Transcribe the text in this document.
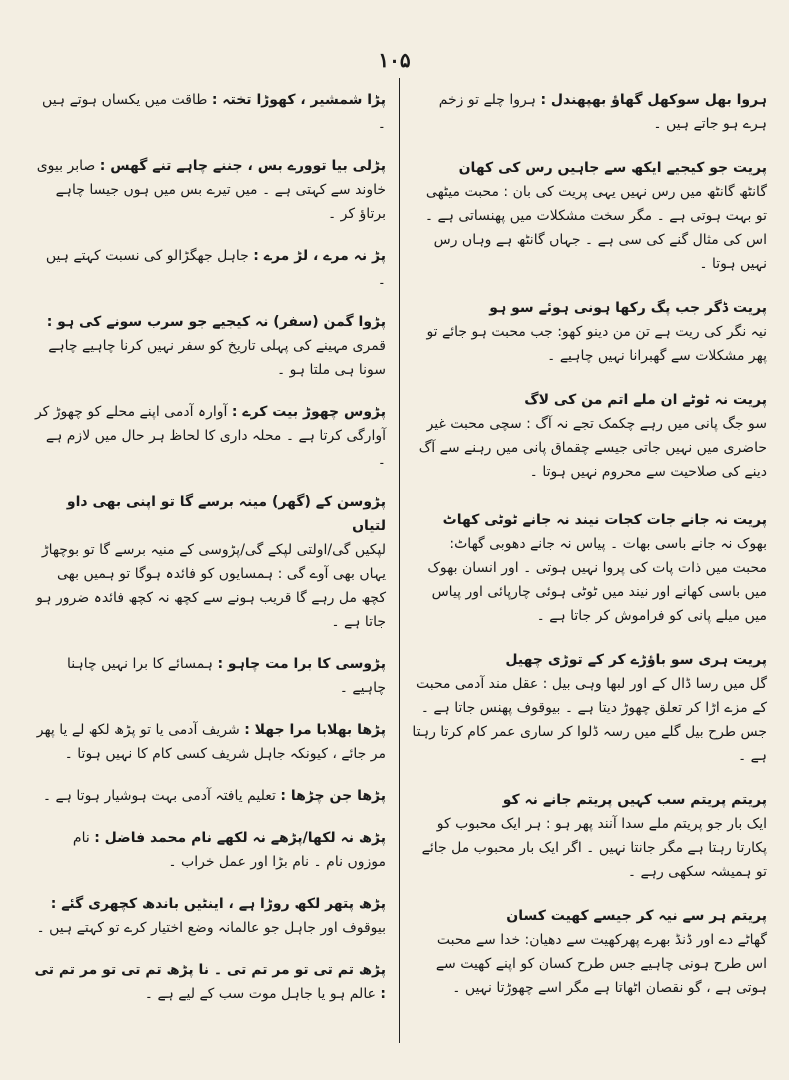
۱۰۵

ہروا بھل سوکھل گھاؤ بھپھندل : ہروا چلے تو زخم ہرے ہو جاتے ہیں ۔

پریت جو کیجیے ایکھ سے جاہیں رس کی کھان
گانٹھ گانٹھ میں رس نہیں یہی پریت کی بان : محبت میٹھی تو بہت ہوتی ہے ۔ مگر سخت مشکلات میں پھنساتی ہے ۔ اس کی مثال گنے کی سی ہے ۔ جہاں گانٹھ ہے وہاں رس نہیں ہوتا ۔

پریت ڈگر جب پگ رکھا ہونی ہوئے سو ہو
نیہ نگر کی ریت ہے تن من دینو کھو: جب محبت ہو جائے تو پھر مشکلات سے گھبرانا نہیں چاہیے ۔

پریت نہ ٹوٹے ان ملے اتم من کی لاگ
سو جگ پانی میں رہے چکمک تجے نہ آگ : سچی محبت غیر حاضری میں نہیں جاتی جیسے چقماق پانی میں رہنے سے آگ دینے کی صلاحیت سے محروم نہیں ہوتا ۔

پریت نہ جانے جات کجات نیند نہ جانے ٹوٹی کھاٹ
بھوک نہ جانے باسی بھات ۔ پیاس نہ جانے دھوبی گھاٹ: محبت میں ذات پات کی پروا نہیں ہوتی ۔ اور انسان بھوک میں باسی کھانے اور نیند میں ٹوٹی ہوئی چارپائی اور پیاس میں میلے پانی کو فراموش کر جاتا ہے ۔

پریت ہری سو باؤڑے کر کے توڑی چھیل
گل میں رسا ڈال کے اور لبھا وہی بیل : عقل مند آدمی محبت کے مزے اڑا کر تعلق چھوڑ دیتا ہے ۔ بیوقوف پھنس جاتا ہے ۔ جس طرح بیل گلے میں رسہ ڈلوا کر ساری عمر کام کرتا رہتا ہے ۔

پریتم پریتم سب کہیں پریتم جانے نہ کو
ایک بار جو پریتم ملے سدا آنند پھر ہو : ہر ایک محبوب کو پکارتا رہتا ہے مگر جانتا نہیں ۔ اگر ایک بار محبوب مل جائے تو ہمیشہ سکھی رہے ۔

پریتم ہر سے نیہ کر جیسے کھیت کسان
گھاٹے دے اور ڈنڈ بھرے پھرکھیت سے دھیان: خدا سے محبت اس طرح ہونی چاہیے جس طرح کسان کو اپنے کھیت سے ہوتی ہے ، گو نقصان اٹھاتا ہے مگر اسے چھوڑتا نہیں ۔

پڑا شمشیر ، کھوڑا تختہ : طاقت میں یکساں ہوتے ہیں ۔

پڑلی بیا توورے بس ، جننے چاہے تنے گھس : صابر بیوی خاوند سے کہتی ہے ۔ میں تیرے بس میں ہوں جیسا چاہے برتاؤ کر ۔

پڑ نہ مرے ، لڑ مرے : جاہل جھگڑالو کی نسبت کہتے ہیں ۔

پڑوا گمن (سفر) نہ کیجیے جو سرب سونے کی ہو :
قمری مہینے کی پہلی تاریخ کو سفر نہیں کرنا چاہیے چاہے سونا ہی ملتا ہو ۔

پڑوس چھوڑ بیت کرے : آوارہ آدمی اپنے محلے کو چھوڑ کر آوارگی کرتا ہے ۔ محلہ داری کا لحاظ ہر حال میں لازم ہے ۔

پڑوسن کے (گھر) مینہ برسے گا تو اپنی بھی داو لتیاں
لپکیں گی/اولتی لپکے گی/پڑوسی کے منیہ برسے گا تو بوچھاڑ یہاں بھی آوے گی : ہمسایوں کو فائدہ ہوگا تو ہمیں بھی کچھ مل رہے گا قریب ہونے سے کچھ نہ کچھ فائدہ ضرور ہو جاتا ہے ۔

پڑوسی کا برا مت چاہو : ہمسائے کا برا نہیں چاہنا چاہیے ۔

پڑھا بھلابا مرا جھلا : شریف آدمی یا تو پڑھ لکھ لے یا پھر مر جائے ، کیونکہ جاہل شریف کسی کام کا نہیں ہوتا ۔

پڑھا جن چڑھا : تعلیم یافتہ آدمی بہت ہوشیار ہوتا ہے ۔

پڑھ نہ لکھا/پڑھے نہ لکھے نام محمد فاضل : نام موزوں نام ۔ نام بڑا اور عمل خراب ۔

پڑھ پتھر لکھ روڑا ہے ، اینٹیں باندھ کچھری گئے : بیوقوف اور جاہل جو عالمانہ وضع اختیار کرے تو کہتے ہیں ۔

پڑھ تم تی تو مر تم تی ۔ نا پڑھ تم تی تو مر تم تی : عالم ہو یا جاہل موت سب کے لیے ہے ۔
